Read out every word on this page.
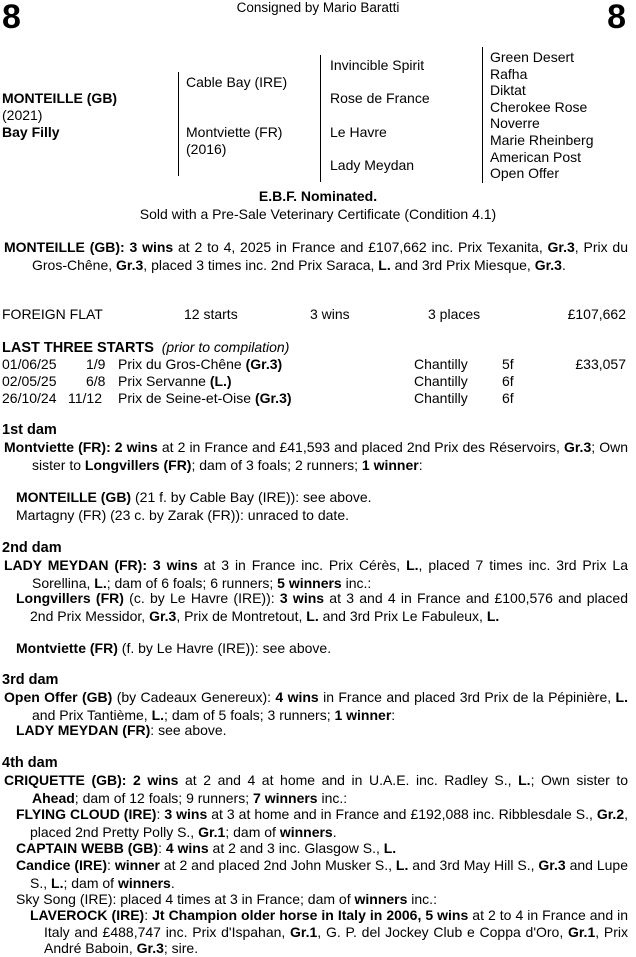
8	8
Consigned by Mario Baratti
MONTEILLE (GB)
(2021)
Bay Filly
Cable Bay (IRE)
Montviette (FR)
(2016)
Invincible Spirit
Rose de France
Le Havre
Lady Meydan
Green Desert
Rafha
Diktat
Cherokee Rose
Noverre
Marie Rheinberg
American Post
Open Offer
E.B.F. Nominated.
Sold with a Pre-Sale Veterinary Certificate (Condition 4.1)

MONTEILLE (GB): 3 wins at 2 to 4, 2025 in France and £107,662 inc. Prix Texanita, Gr.3, Prix du Gros-Chêne, Gr.3, placed 3 times inc. 2nd Prix Saraca, L. and 3rd Prix Miesque, Gr.3.

FOREIGN FLAT	12 starts	3 wins	3 places	£107,662
LAST THREE STARTS (prior to compilation)
01/06/25 1/9 Prix du Gros-Chêne (Gr.3)	Chantilly 5f	£33,057
02/05/25 6/8 Prix Servanne (L.)	Chantilly 6f
26/10/24 11/12 Prix de Seine-et-Oise (Gr.3)	Chantilly 6f
1st dam

Montviette (FR): 2 wins at 2 in France and £41,593 and placed 2nd Prix des Réservoirs, Gr.3; Own sister to Longvillers (FR); dam of 3 foals; 2 runners; 1 winner:

MONTEILLE (GB) (21 f. by Cable Bay (IRE)): see above.
Martagny (FR) (23 c. by Zarak (FR)): unraced to date.
2nd dam

LADY MEYDAN (FR): 3 wins at 3 in France inc. Prix Cérès, L., placed 7 times inc. 3rd Prix La Sorellina, L.; dam of 6 foals; 6 runners; 5 winners inc.:

Longvillers (FR) (c. by Le Havre (IRE)): 3 wins at 3 and 4 in France and £100,576 and placed 2nd Prix Messidor, Gr.3, Prix de Montretout, L. and 3rd Prix Le Fabuleux, L.

Montviette (FR) (f. by Le Havre (IRE)): see above.
3rd dam

Open Offer (GB) (by Cadeaux Genereux): 4 wins in France and placed 3rd Prix de la Pépinière, L. and Prix Tantième, L.; dam of 5 foals; 3 runners; 1 winner:

LADY MEYDAN (FR): see above.
4th dam

CRIQUETTE (GB): 2 wins at 2 and 4 at home and in U.A.E. inc. Radley S., L.; Own sister to Ahead; dam of 12 foals; 9 runners; 7 winners inc.:

FLYING CLOUD (IRE): 3 wins at 3 at home and in France and £192,088 inc. Ribblesdale S., Gr.2, placed 2nd Pretty Polly S., Gr.1; dam of winners.

CAPTAIN WEBB (GB): 4 wins at 2 and 3 inc. Glasgow S., L.

Candice (IRE): winner at 2 and placed 2nd John Musker S., L. and 3rd May Hill S., Gr.3 and Lupe S., L.; dam of winners.

Sky Song (IRE): placed 4 times at 3 in France; dam of winners inc.:

LAVEROCK (IRE): Jt Champion older horse in Italy in 2006, 5 wins at 2 to 4 in France and in Italy and £488,747 inc. Prix d'Ispahan, Gr.1, G. P. del Jockey Club e Coppa d'Oro, Gr.1, Prix André Baboin, Gr.3; sire.
